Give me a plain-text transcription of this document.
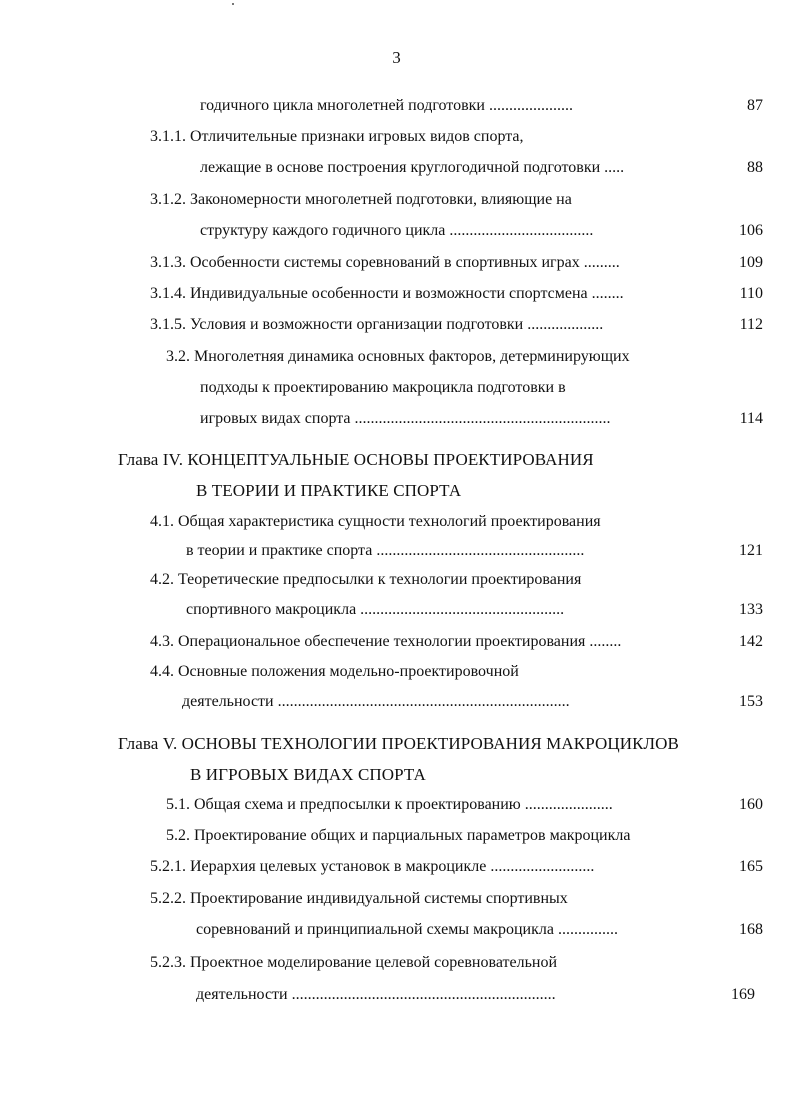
3
годичного цикла многолетней подготовки .....................	87
3.1.1. Отличительные признаки игровых видов спорта,
лежащие в основе построения круглогодичной подготовки .....	88
3.1.2. Закономерности многолетней подготовки, влияющие на
структуру каждого годичного цикла ....................................	106
3.1.3. Особенности системы соревнований в спортивных играх .........	109
3.1.4. Индивидуальные особенности и возможности спортсмена ........	110
3.1.5. Условия и возможности организации подготовки ...................	112
3.2. Многолетняя динамика основных факторов, детерминирующих
подходы к проектированию макроцикла подготовки в
игровых видах спорта ................................................................	114
Глава IV. КОНЦЕПТУАЛЬНЫЕ ОСНОВЫ ПРОЕКТИРОВАНИЯ
В ТЕОРИИ И ПРАКТИКЕ СПОРТА
4.1. Общая характеристика сущности технологий проектирования
в теории и практике спорта ....................................................	121
4.2. Теоретические предпосылки к технологии проектирования
спортивного макроцикла ...................................................	133
4.3. Операциональное обеспечение технологии проектирования ........	142
4.4. Основные положения модельно-проектировочной
деятельности .........................................................................	153
Глава V. ОСНОВЫ ТЕХНОЛОГИИ ПРОЕКТИРОВАНИЯ МАКРОЦИКЛОВ
В ИГРОВЫХ ВИДАХ СПОРТА
5.1. Общая схема и предпосылки к проектированию ......................	160
5.2. Проектирование общих и парциальных параметров макроцикла
5.2.1. Иерархия целевых установок в макроцикле ..........................	165
5.2.2. Проектирование индивидуальной системы спортивных
соревнований и принципиальной схемы макроцикла ...............	168
5.2.3. Проектное моделирование целевой соревновательной
деятельности ..................................................................	169
